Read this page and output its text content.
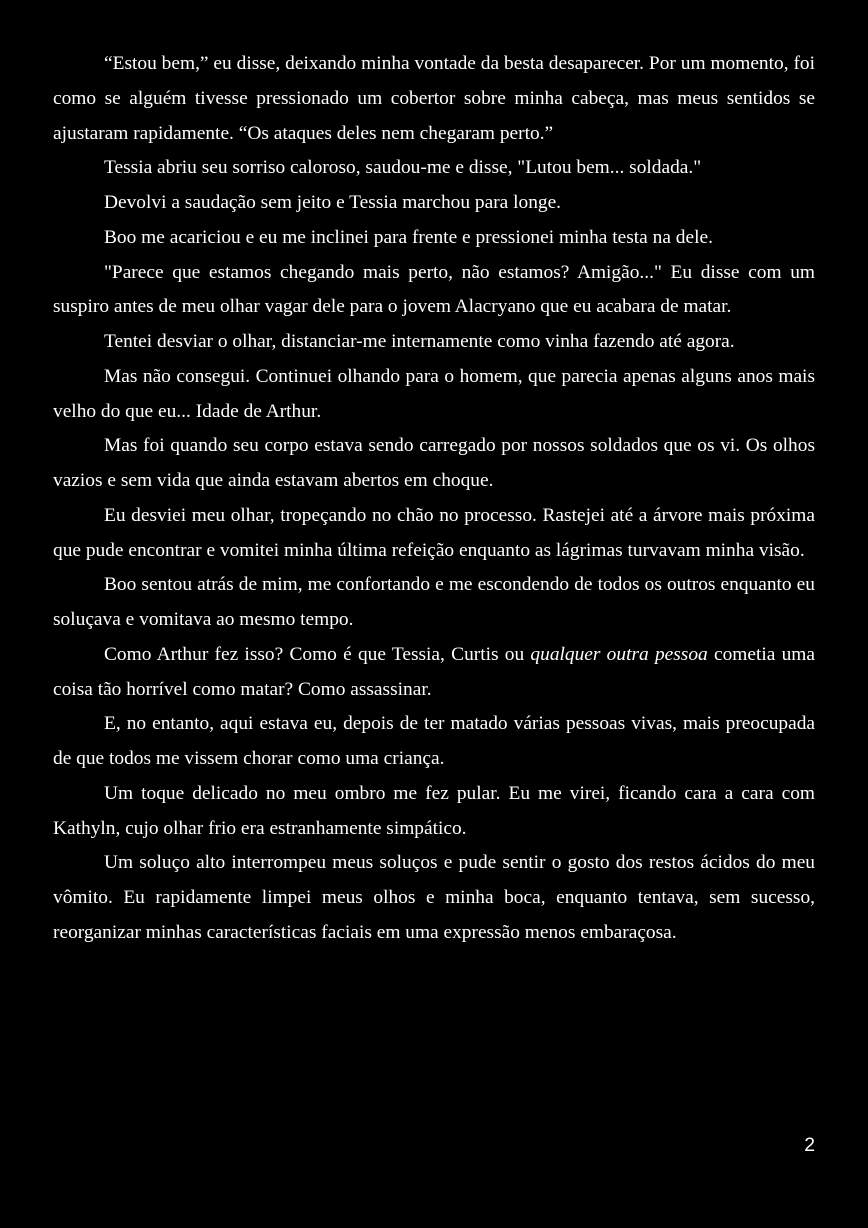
“Estou bem,” eu disse, deixando minha vontade da besta desaparecer. Por um momento, foi como se alguém tivesse pressionado um cobertor sobre minha cabeça, mas meus sentidos se ajustaram rapidamente. “Os ataques deles nem chegaram perto.”

Tessia abriu seu sorriso caloroso, saudou-me e disse, "Lutou bem... soldada."

Devolvi a saudação sem jeito e Tessia marchou para longe.

Boo me acariciou e eu me inclinei para frente e pressionei minha testa na dele.

"Parece que estamos chegando mais perto, não estamos? Amigão..." Eu disse com um suspiro antes de meu olhar vagar dele para o jovem Alacryano que eu acabara de matar.

Tentei desviar o olhar, distanciar-me internamente como vinha fazendo até agora.

Mas não consegui. Continuei olhando para o homem, que parecia apenas alguns anos mais velho do que eu... Idade de Arthur.

Mas foi quando seu corpo estava sendo carregado por nossos soldados que os vi. Os olhos vazios e sem vida que ainda estavam abertos em choque.

Eu desviei meu olhar, tropeçando no chão no processo. Rastejei até a árvore mais próxima que pude encontrar e vomitei minha última refeição enquanto as lágrimas turvavam minha visão.

Boo sentou atrás de mim, me confortando e me escondendo de todos os outros enquanto eu soluçava e vomitava ao mesmo tempo.

Como Arthur fez isso? Como é que Tessia, Curtis ou qualquer outra pessoa cometia uma coisa tão horrível como matar? Como assassinar.

E, no entanto, aqui estava eu, depois de ter matado várias pessoas vivas, mais preocupada de que todos me vissem chorar como uma criança.

Um toque delicado no meu ombro me fez pular. Eu me virei, ficando cara a cara com Kathyln, cujo olhar frio era estranhamente simpático.

Um soluço alto interrompeu meus soluços e pude sentir o gosto dos restos ácidos do meu vômito. Eu rapidamente limpei meus olhos e minha boca, enquanto tentava, sem sucesso, reorganizar minhas características faciais em uma expressão menos embaraçosa.

2
